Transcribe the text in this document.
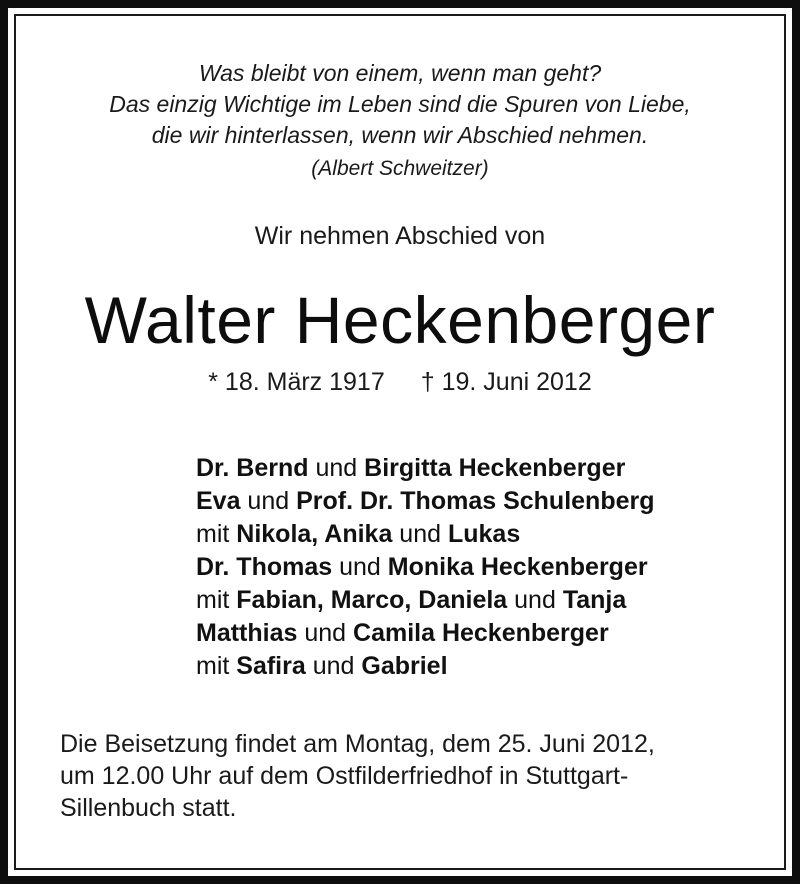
Was bleibt von einem, wenn man geht?
Das einzig Wichtige im Leben sind die Spuren von Liebe,
die wir hinterlassen, wenn wir Abschied nehmen.
(Albert Schweitzer)
Wir nehmen Abschied von
Walter Heckenberger
* 18. März 1917 † 19. Juni 2012
Dr. Bernd und Birgitta Heckenberger
Eva und Prof. Dr. Thomas Schulenberg
mit Nikola, Anika und Lukas
Dr. Thomas und Monika Heckenberger
mit Fabian, Marco, Daniela und Tanja
Matthias und Camila Heckenberger
mit Safira und Gabriel
Die Beisetzung findet am Montag, dem 25. Juni 2012,
um 12.00 Uhr auf dem Ostfilderfriedhof in Stuttgart-
Sillenbuch statt.
